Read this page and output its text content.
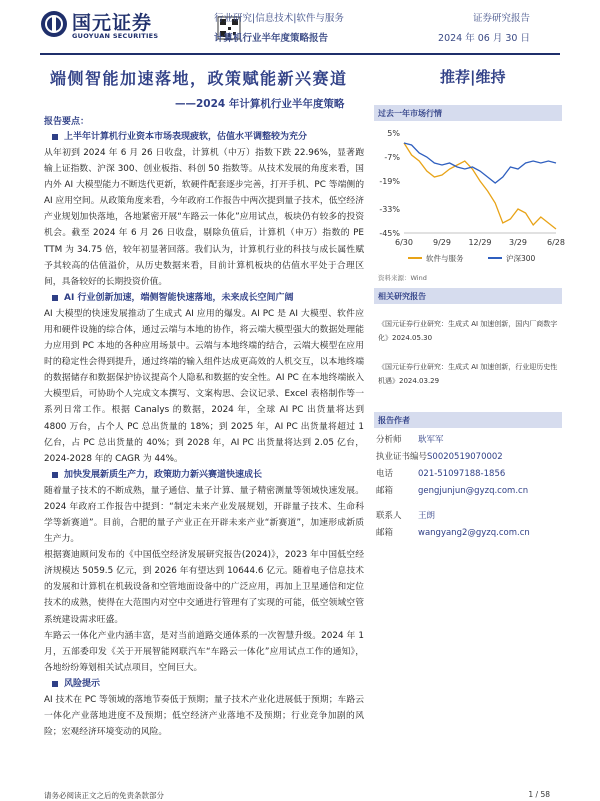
国元证券
GUOYUAN SECURITIES
行业研究|信息技术|软件与服务
计算机行业半年度策略报告
证券研究报告
2024 年 06 月 30 日
端侧智能加速落地，政策赋能新兴赛道	推荐|维持
——2024 年计算机行业半年度策略
报告要点：
上半年计算机行业资本市场表现疲软，估值水平调整较为充分
从年初到 2024 年 6 月 26 日收盘，计算机（中万）指数下跌 22.96%，显著跑输上证指数、沪深 300、创业板指、科创 50 指数等。从技术发展的角度来看，国内外 AI 大模型能力不断迭代更新，软硬件配套逐步完善，打开手机、PC 等端侧的 AI 应用空间。从政策角度来看，今年政府工作报告中两次提到量子技术，低空经济产业规划加快落地，各地紧密开展“车路云一体化”应用试点，板块仍有较多的投资机会。截至 2024 年 6 月 26 日收盘，剔除负值后，计算机（申万）指数的 PE TTM 为 34.75 倍，较年初显著回落。我们认为，计算机行业的科技与成长属性赋予其较高的估值溢价，从历史数据来看，目前计算机板块的估值水平处于合理区间，具备较好的长期投资价值。
AI 行业创新加速，端侧智能快速落地，未来成长空间广阔
AI 大模型的快速发展推动了生成式 AI 应用的爆发。AI PC 是 AI 大模型、软件应用和硬件设施的综合体，通过云端与本地的协作，将云端大模型强大的数据处理能力应用到 PC 本地的各种应用场景中。云端与本地终端的结合，云端大模型在应用时的稳定性会得到提升，通过终端的输入组件达成更高效的人机交互，以本地终端的数据储存和数据保护协议提高个人隐私和数据的安全性。AI PC 在本地终端嵌入大模型后，可协助个人完成文本撰写、文案构思、会议记录、Excel 表格制作等一系列日常工作。根据 Canalys 的数据，2024 年，全球 AI PC 出货量将达到 4800 万台，占个人 PC 总出货量的 18%；到 2025 年，AI PC 出货量将超过 1 亿台，占 PC 总出货量的 40%；到 2028 年，AI PC 出货量将达到 2.05 亿台，2024-2028 年的 CAGR 为 44%。
加快发展新质生产力，政策助力新兴赛道快速成长
随着量子技术的不断成熟，量子通信、量子计算、量子精密测量等领域快速发展。2024 年政府工作报告中提到：“制定未来产业发展规划，开辟量子技术、生命科学等新赛道”。目前，合肥的量子产业正在开辟未来产业“新赛道”，加速形成新质生产力。
根据赛迪顾问发布的《中国低空经济发展研究报告(2024)》，2023 年中国低空经济规模达 5059.5 亿元，到 2026 年有望达到 10644.6 亿元。随着电子信息技术的发展和计算机在机载设备和空管地面设备中的广泛应用，再加上卫星通信和定位技术的成熟，使得在大范围内对空中交通进行管理有了实现的可能，低空领域空管系统建设需求旺盛。
车路云一体化产业内涵丰富，是对当前道路交通体系的一次智慧升级。2024 年 1 月，五部委印发《关于开展智能网联汽车“车路云一体化”应用试点工作的通知》，各地纷纷筹划相关试点项目，空间巨大。
风险提示
AI 技术在 PC 等领域的落地节奏低于预期；量子技术产业化进展低于预期；车路云一体化产业落地进度不及预期；低空经济产业落地不及预期；行业竞争加剧的风险；宏观经济环境变动的风险。
过去一年市场行情
5%
-7%
-19%
-33%
-45%
6/30	9/29 12/29 3/29	6/28
软件与服务	沪深300
资料来源：Wind
相关研究报告
《国元证券行业研究：生成式 AI 加速创新，国内厂商数字化》2024.05.30
《国元证券行业研究：生成式 AI 加速创新，行业迎历史性机遇》2024.03.29
报告作者
分析师	耿军军
执业证书编号 S0020519070002
电话	021-51097188-1856
邮箱	gengjunjun@gyzq.com.cn
联系人	王朗
邮箱	wangyang2@gyzq.com.cn
请务必阅读正文之后的免责条款部分	1 / 58
